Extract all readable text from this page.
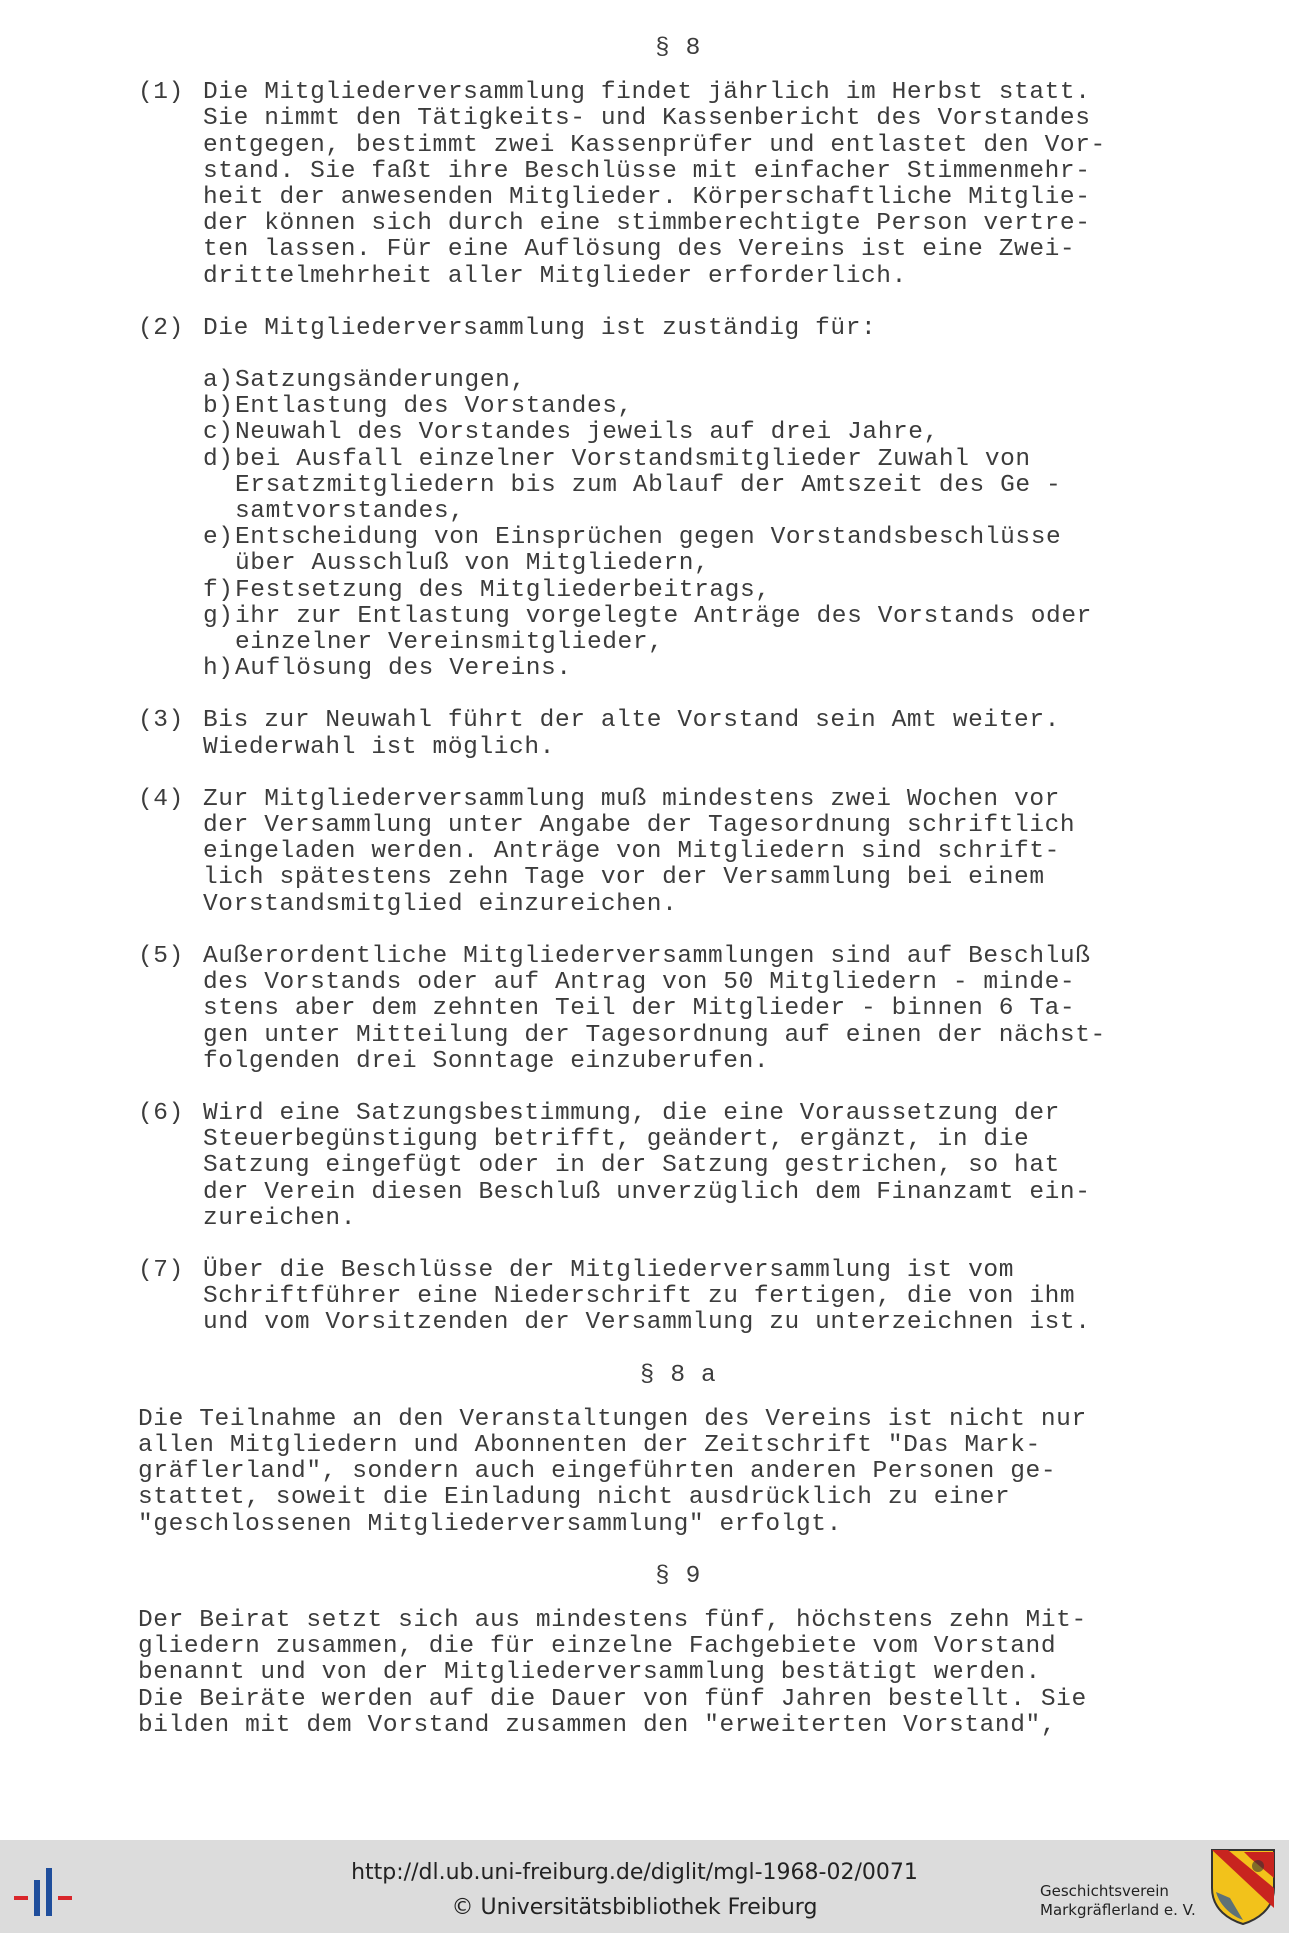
§ 8
(1) Die Mitgliederversammlung findet jährlich im Herbst statt.
Sie nimmt den Tätigkeits- und Kassenbericht des Vorstandes
entgegen, bestimmt zwei Kassenprüfer und entlastet den Vor-
stand. Sie faßt ihre Beschlüsse mit einfacher Stimmenmehr-
heit der anwesenden Mitglieder. Körperschaftliche Mitglie-
der können sich durch eine stimmberechtigte Person vertre-
ten lassen. Für eine Auflösung des Vereins ist eine Zwei-
drittelmehrheit aller Mitglieder erforderlich.
(2) Die Mitgliederversammlung ist zuständig für:
a) Satzungsänderungen,
b) Entlastung des Vorstandes,
c) Neuwahl des Vorstandes jeweils auf drei Jahre,
d) bei Ausfall einzelner Vorstandsmitglieder Zuwahl von
Ersatzmitgliedern bis zum Ablauf der Amtszeit des Ge -
samtvorstandes,
e) Entscheidung von Einsprüchen gegen Vorstandsbeschlüsse
über Ausschluß von Mitgliedern,
f) Festsetzung des Mitgliederbeitrags,
g) ihr zur Entlastung vorgelegte Anträge des Vorstands oder
einzelner Vereinsmitglieder,
h) Auflösung des Vereins.
(3) Bis zur Neuwahl führt der alte Vorstand sein Amt weiter.
Wiederwahl ist möglich.
(4) Zur Mitgliederversammlung muß mindestens zwei Wochen vor
der Versammlung unter Angabe der Tagesordnung schriftlich
eingeladen werden. Anträge von Mitgliedern sind schrift-
lich spätestens zehn Tage vor der Versammlung bei einem
Vorstandsmitglied einzureichen.
(5) Außerordentliche Mitgliederversammlungen sind auf Beschluß
des Vorstands oder auf Antrag von 50 Mitgliedern - minde-
stens aber dem zehnten Teil der Mitglieder - binnen 6 Ta-
gen unter Mitteilung der Tagesordnung auf einen der nächst-
folgenden drei Sonntage einzuberufen.
(6) Wird eine Satzungsbestimmung, die eine Voraussetzung der
Steuerbegünstigung betrifft, geändert, ergänzt, in die
Satzung eingefügt oder in der Satzung gestrichen, so hat
der Verein diesen Beschluß unverzüglich dem Finanzamt ein-
zureichen.
(7) Über die Beschlüsse der Mitgliederversammlung ist vom
Schriftführer eine Niederschrift zu fertigen, die von ihm
und vom Vorsitzenden der Versammlung zu unterzeichnen ist.
§ 8 a
Die Teilnahme an den Veranstaltungen des Vereins ist nicht nur
allen Mitgliedern und Abonnenten der Zeitschrift "Das Mark-
gräflerland", sondern auch eingeführten anderen Personen ge-
stattet, soweit die Einladung nicht ausdrücklich zu einer
"geschlossenen Mitgliederversammlung" erfolgt.
§ 9
Der Beirat setzt sich aus mindestens fünf, höchstens zehn Mit-
gliedern zusammen, die für einzelne Fachgebiete vom Vorstand
benannt und von der Mitgliederversammlung bestätigt werden.
Die Beiräte werden auf die Dauer von fünf Jahren bestellt. Sie
bilden mit dem Vorstand zusammen den "erweiterten Vorstand",
http://dl.ub.uni-freiburg.de/diglit/mgl-1968-02/0071
© Universitätsbibliothek Freiburg
Geschichtsverein
Markgräflerland e. V.
